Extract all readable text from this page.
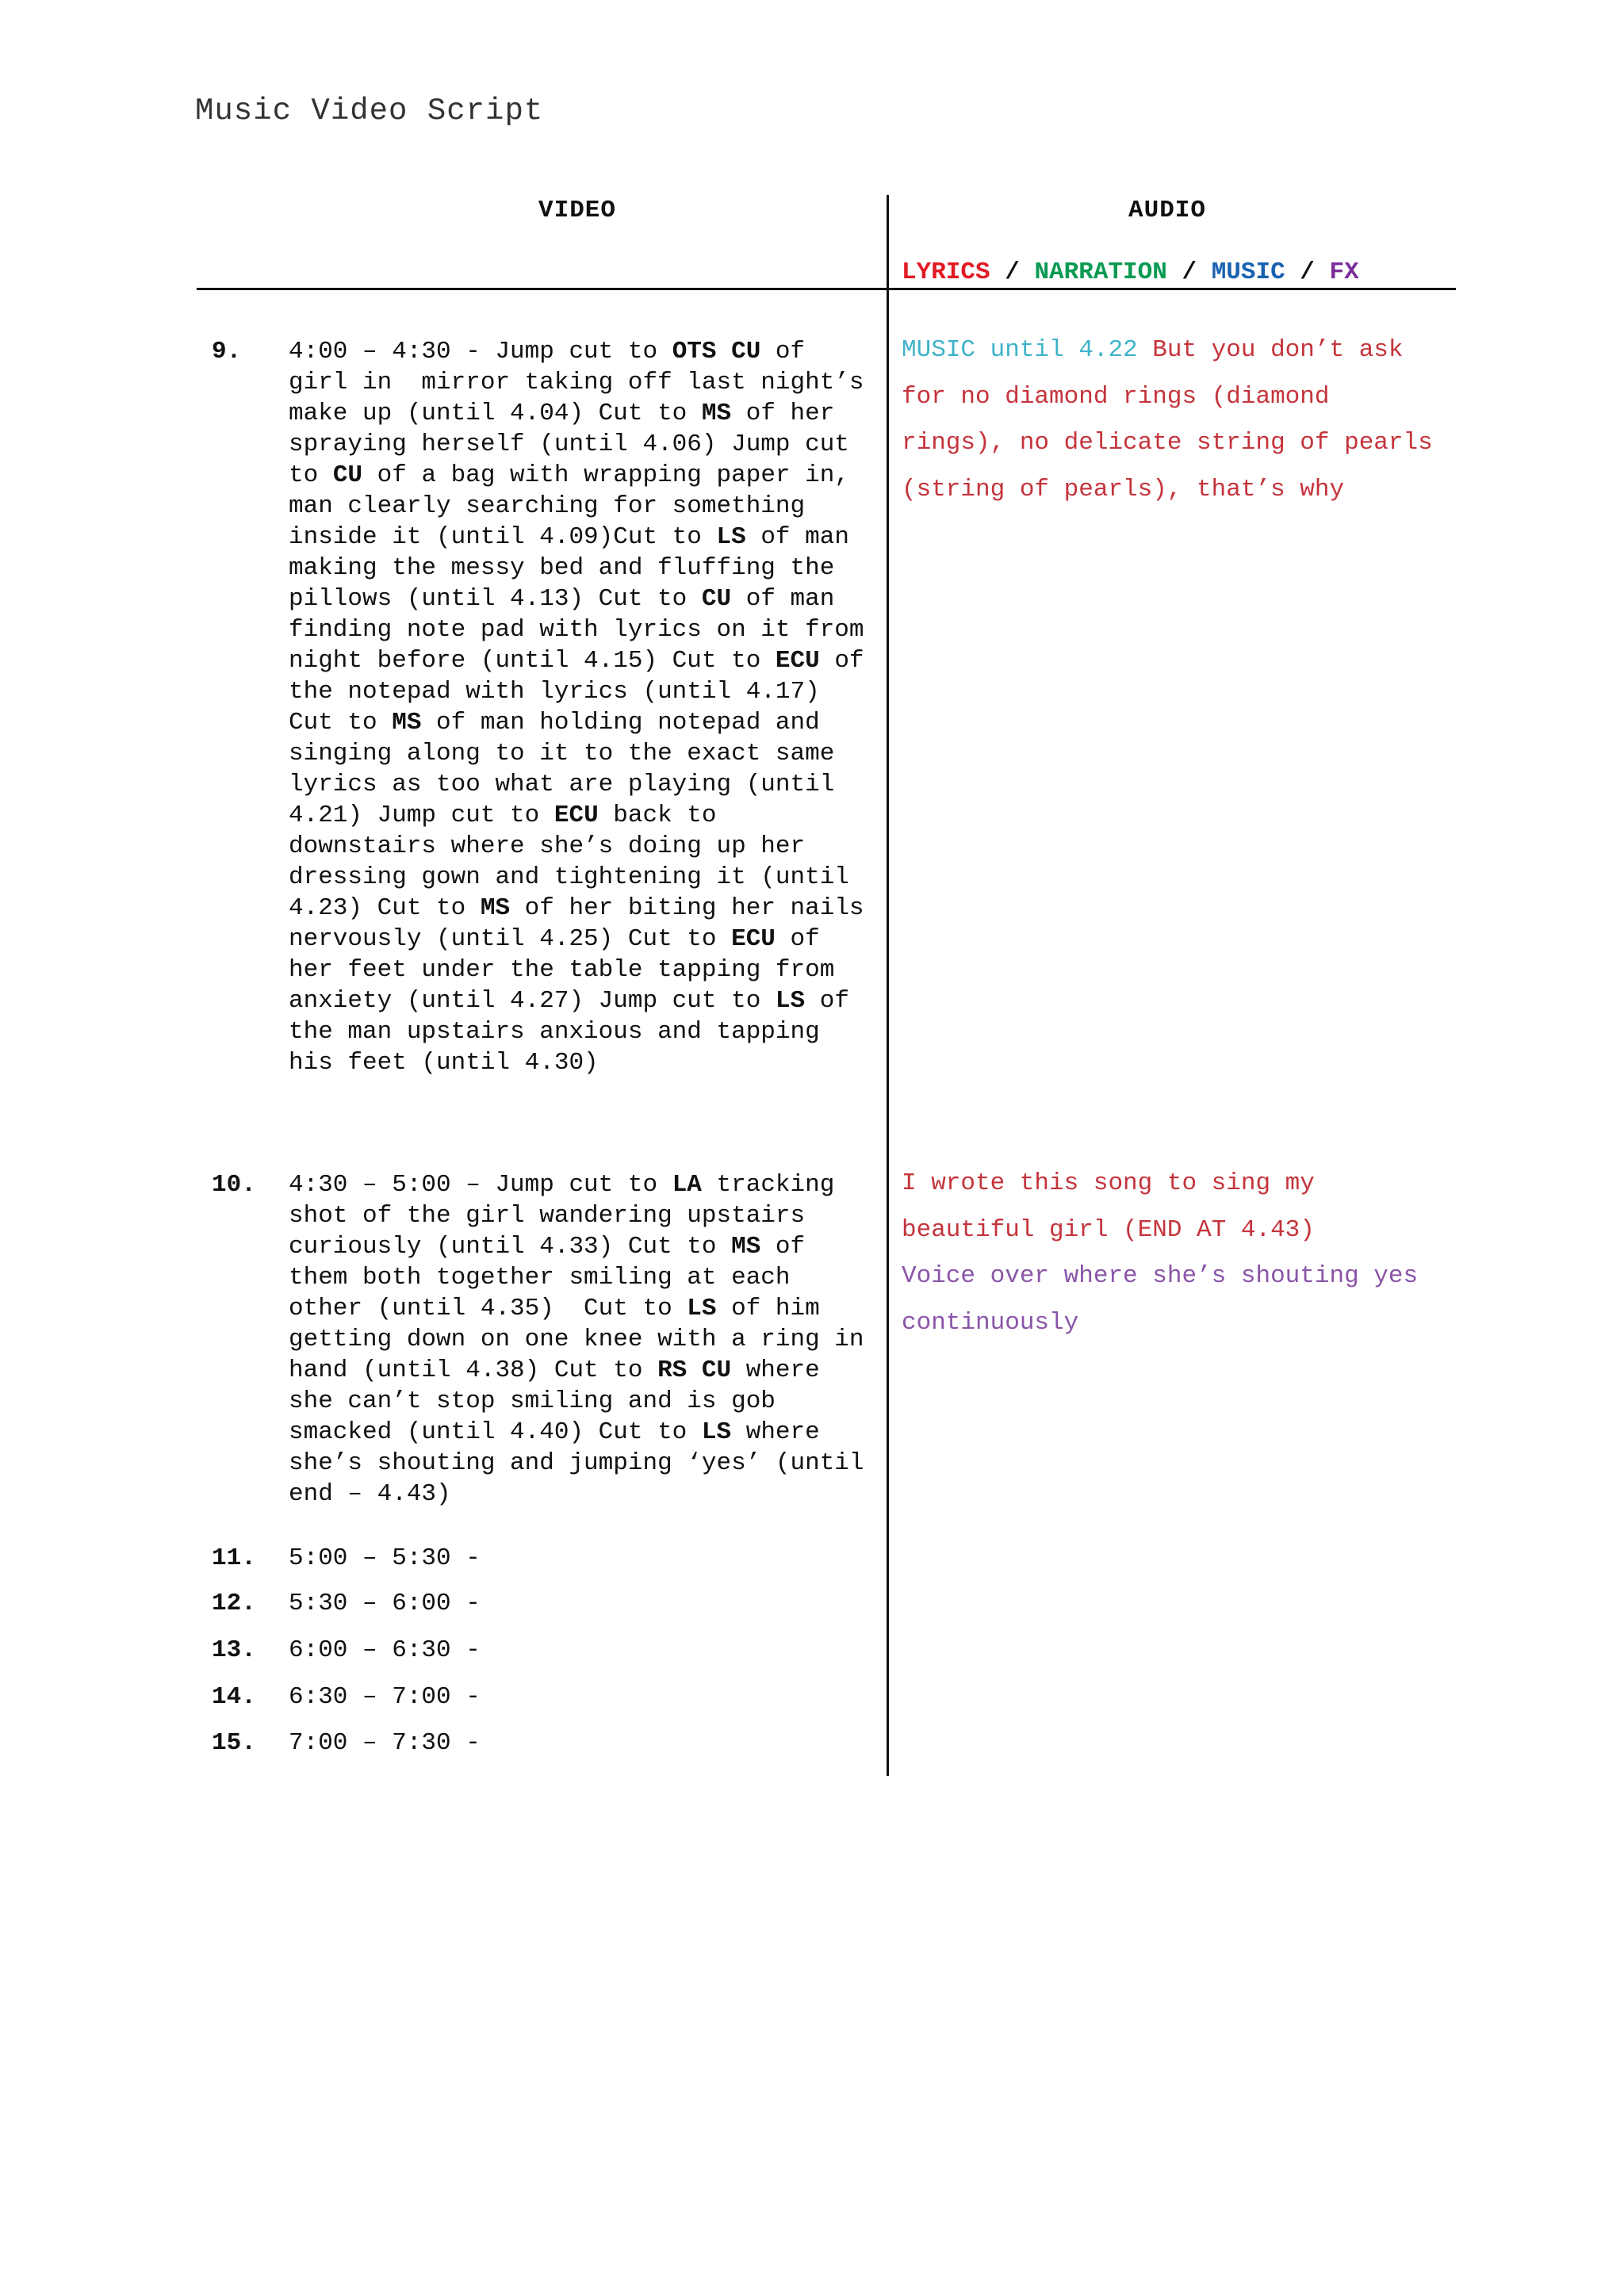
Music Video Script
VIDEO	AUDIO
LYRICS / NARRATION / MUSIC / FX
9. 4:00 – 4:30 - Jump cut to OTS CU of girl in  mirror taking off last night’s make up (until 4.04) Cut to MS of her spraying herself (until 4.06) Jump cut to CU of a bag with wrapping paper in, man clearly searching for something inside it (until 4.09)Cut to LS of man making the messy bed and fluffing the pillows (until 4.13) Cut to CU of man finding note pad with lyrics on it from night before (until 4.15) Cut to ECU of the notepad with lyrics (until 4.17) Cut to MS of man holding notepad and singing along to it to the exact same lyrics as too what are playing (until 4.21) Jump cut to ECU back to downstairs where she’s doing up her dressing gown and tightening it (until 4.23) Cut to MS of her biting her nails nervously (until 4.25) Cut to ECU of her feet under the table tapping from anxiety (until 4.27) Jump cut to LS of the man upstairs anxious and tapping his feet (until 4.30)
MUSIC until 4.22 But you don’t ask for no diamond rings (diamond rings), no delicate string of pearls (string of pearls), that’s why
10. 4:30 – 5:00 – Jump cut to LA tracking shot of the girl wandering upstairs curiously (until 4.33) Cut to MS of them both together smiling at each other (until 4.35)  Cut to LS of him getting down on one knee with a ring in hand (until 4.38) Cut to RS CU where she can’t stop smiling and is gob smacked (until 4.40) Cut to LS where she’s shouting and jumping ‘yes’ (until end – 4.43)
I wrote this song to sing my beautiful girl (END AT 4.43)
Voice over where she’s shouting yes continuously
11. 5:00 – 5:30 -
12. 5:30 – 6:00 -
13. 6:00 – 6:30 -
14. 6:30 – 7:00 -
15. 7:00 – 7:30 -
